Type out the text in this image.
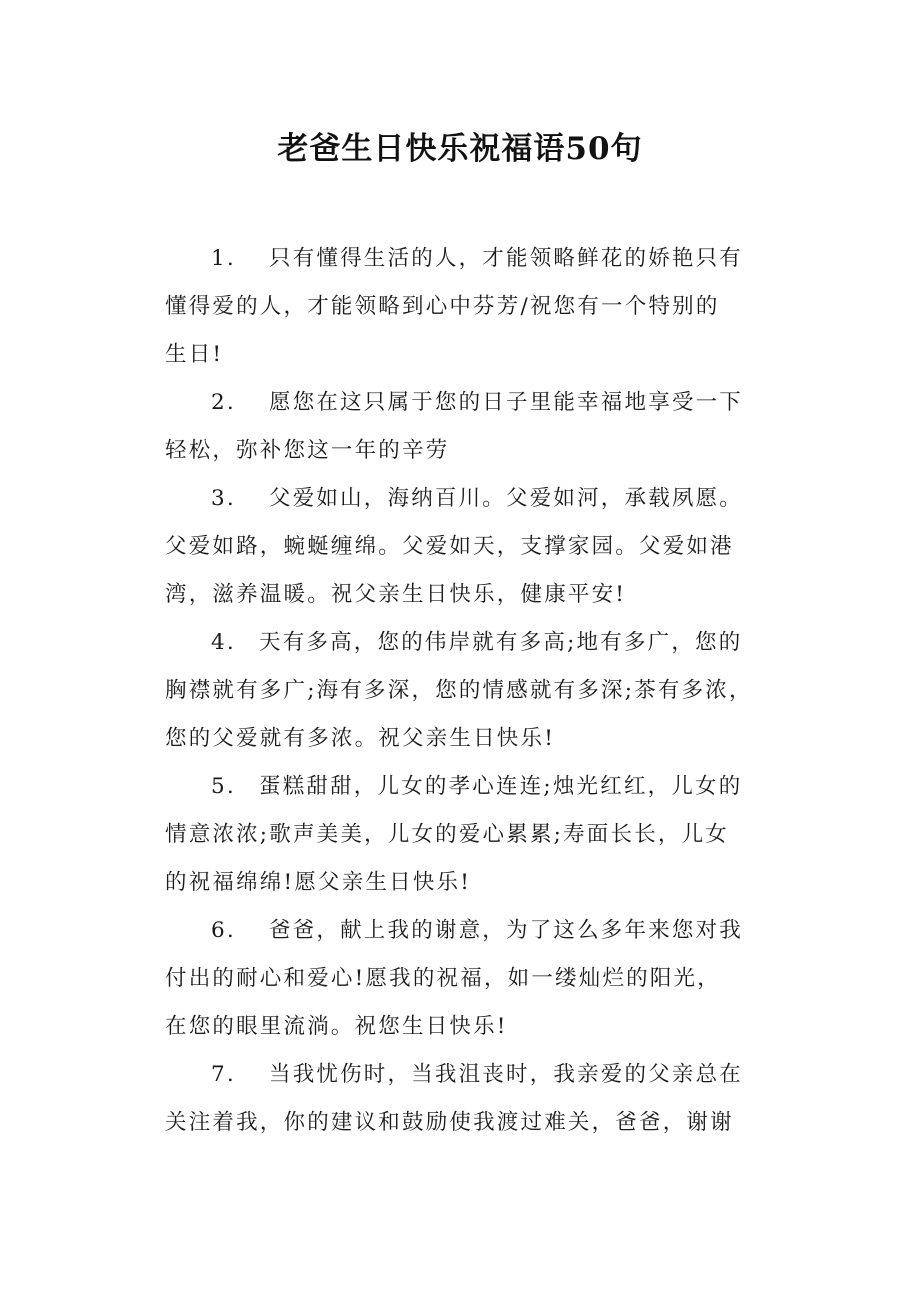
老爸生日快乐祝福语50句
1. 只有懂得生活的人，才能领略鲜花的娇艳只有
懂得爱的人，才能领略到心中芬芳/祝您有一个特别的
生日!
2. 愿您在这只属于您的日子里能幸福地享受一下
轻松，弥补您这一年的辛劳
3. 父爱如山，海纳百川。父爱如河，承载夙愿。
父爱如路，蜿蜒缠绵。父爱如天，支撑家园。父爱如港
湾，滋养温暖。祝父亲生日快乐，健康平安!
4. 天有多高，您的伟岸就有多高;地有多广，您的
胸襟就有多广;海有多深，您的情感就有多深;茶有多浓，
您的父爱就有多浓。祝父亲生日快乐!
5. 蛋糕甜甜，儿女的孝心连连;烛光红红，儿女的
情意浓浓;歌声美美，儿女的爱心累累;寿面长长，儿女
的祝福绵绵!愿父亲生日快乐!
6. 爸爸，献上我的谢意，为了这么多年来您对我
付出的耐心和爱心!愿我的祝福，如一缕灿烂的阳光，
在您的眼里流淌。祝您生日快乐!
7. 当我忧伤时，当我沮丧时，我亲爱的父亲总在
关注着我，你的建议和鼓励使我渡过难关，爸爸，谢谢
